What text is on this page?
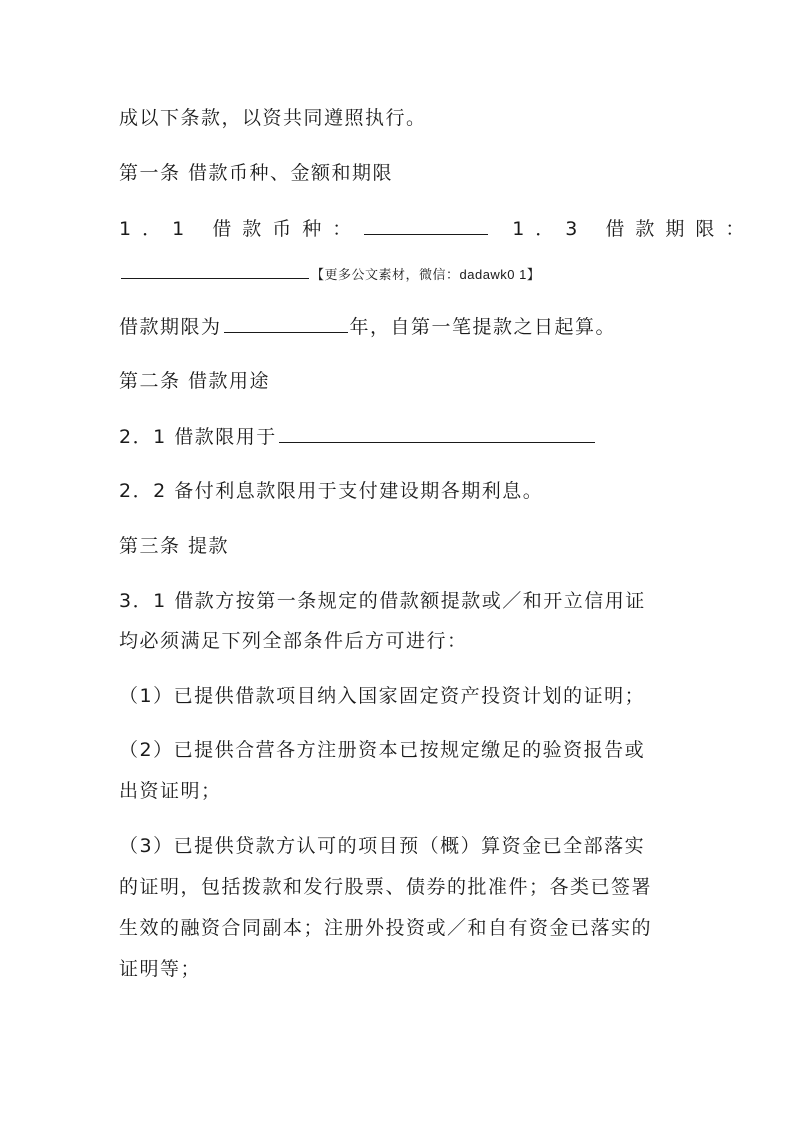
成以下条款，以资共同遵照执行。
第一条 借款币种、金额和期限
1．1 借款币种：	1．3 借款期限：
【更多公文素材，微信：dadawk0 1】
借款期限为	年，自第一笔提款之日起算。
第二条 借款用途
2．1 借款限用于
2．2 备付利息款限用于支付建设期各期利息。
第三条 提款
3．1 借款方按第一条规定的借款额提款或／和开立信用证
均必须满足下列全部条件后方可进行：
（1）已提供借款项目纳入国家固定资产投资计划的证明；
（2）已提供合营各方注册资本已按规定缴足的验资报告或
出资证明；
（3）已提供贷款方认可的项目预（概）算资金已全部落实
的证明，包括拨款和发行股票、债券的批准件；各类已签署
生效的融资合同副本；注册外投资或／和自有资金已落实的
证明等；
